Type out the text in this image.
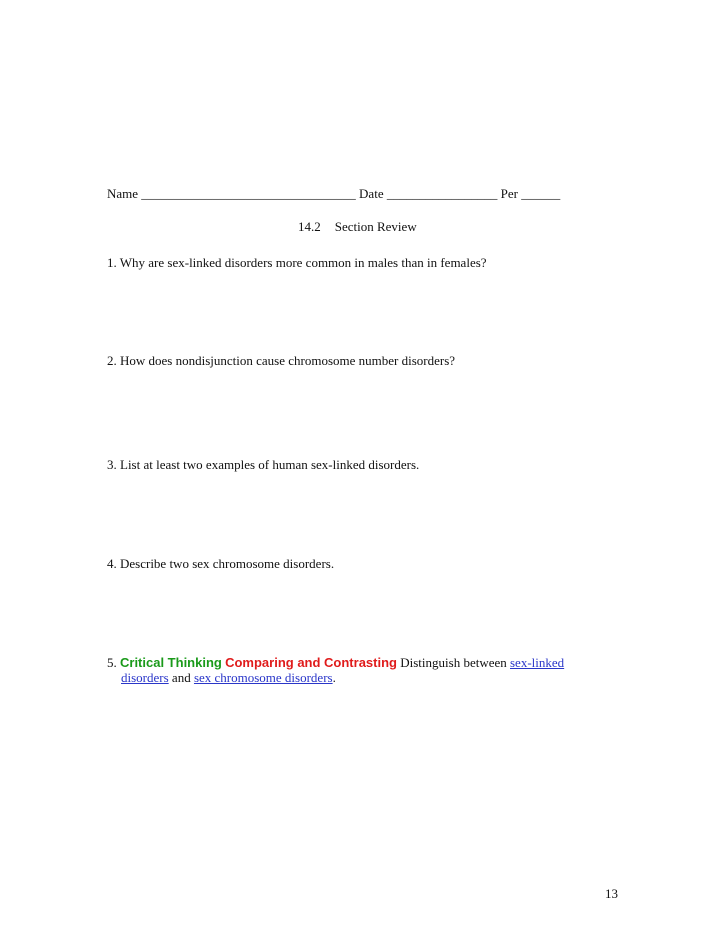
Name _________________________________ Date _________________ Per ______
14.2 Section Review
1. Why are sex-linked disorders more common in males than in females?
2. How does nondisjunction cause chromosome number disorders?
3. List at least two examples of human sex-linked disorders.
4. Describe two sex chromosome disorders.
5. Critical Thinking Comparing and Contrasting Distinguish between sex-linked
disorders and sex chromosome disorders.
13
